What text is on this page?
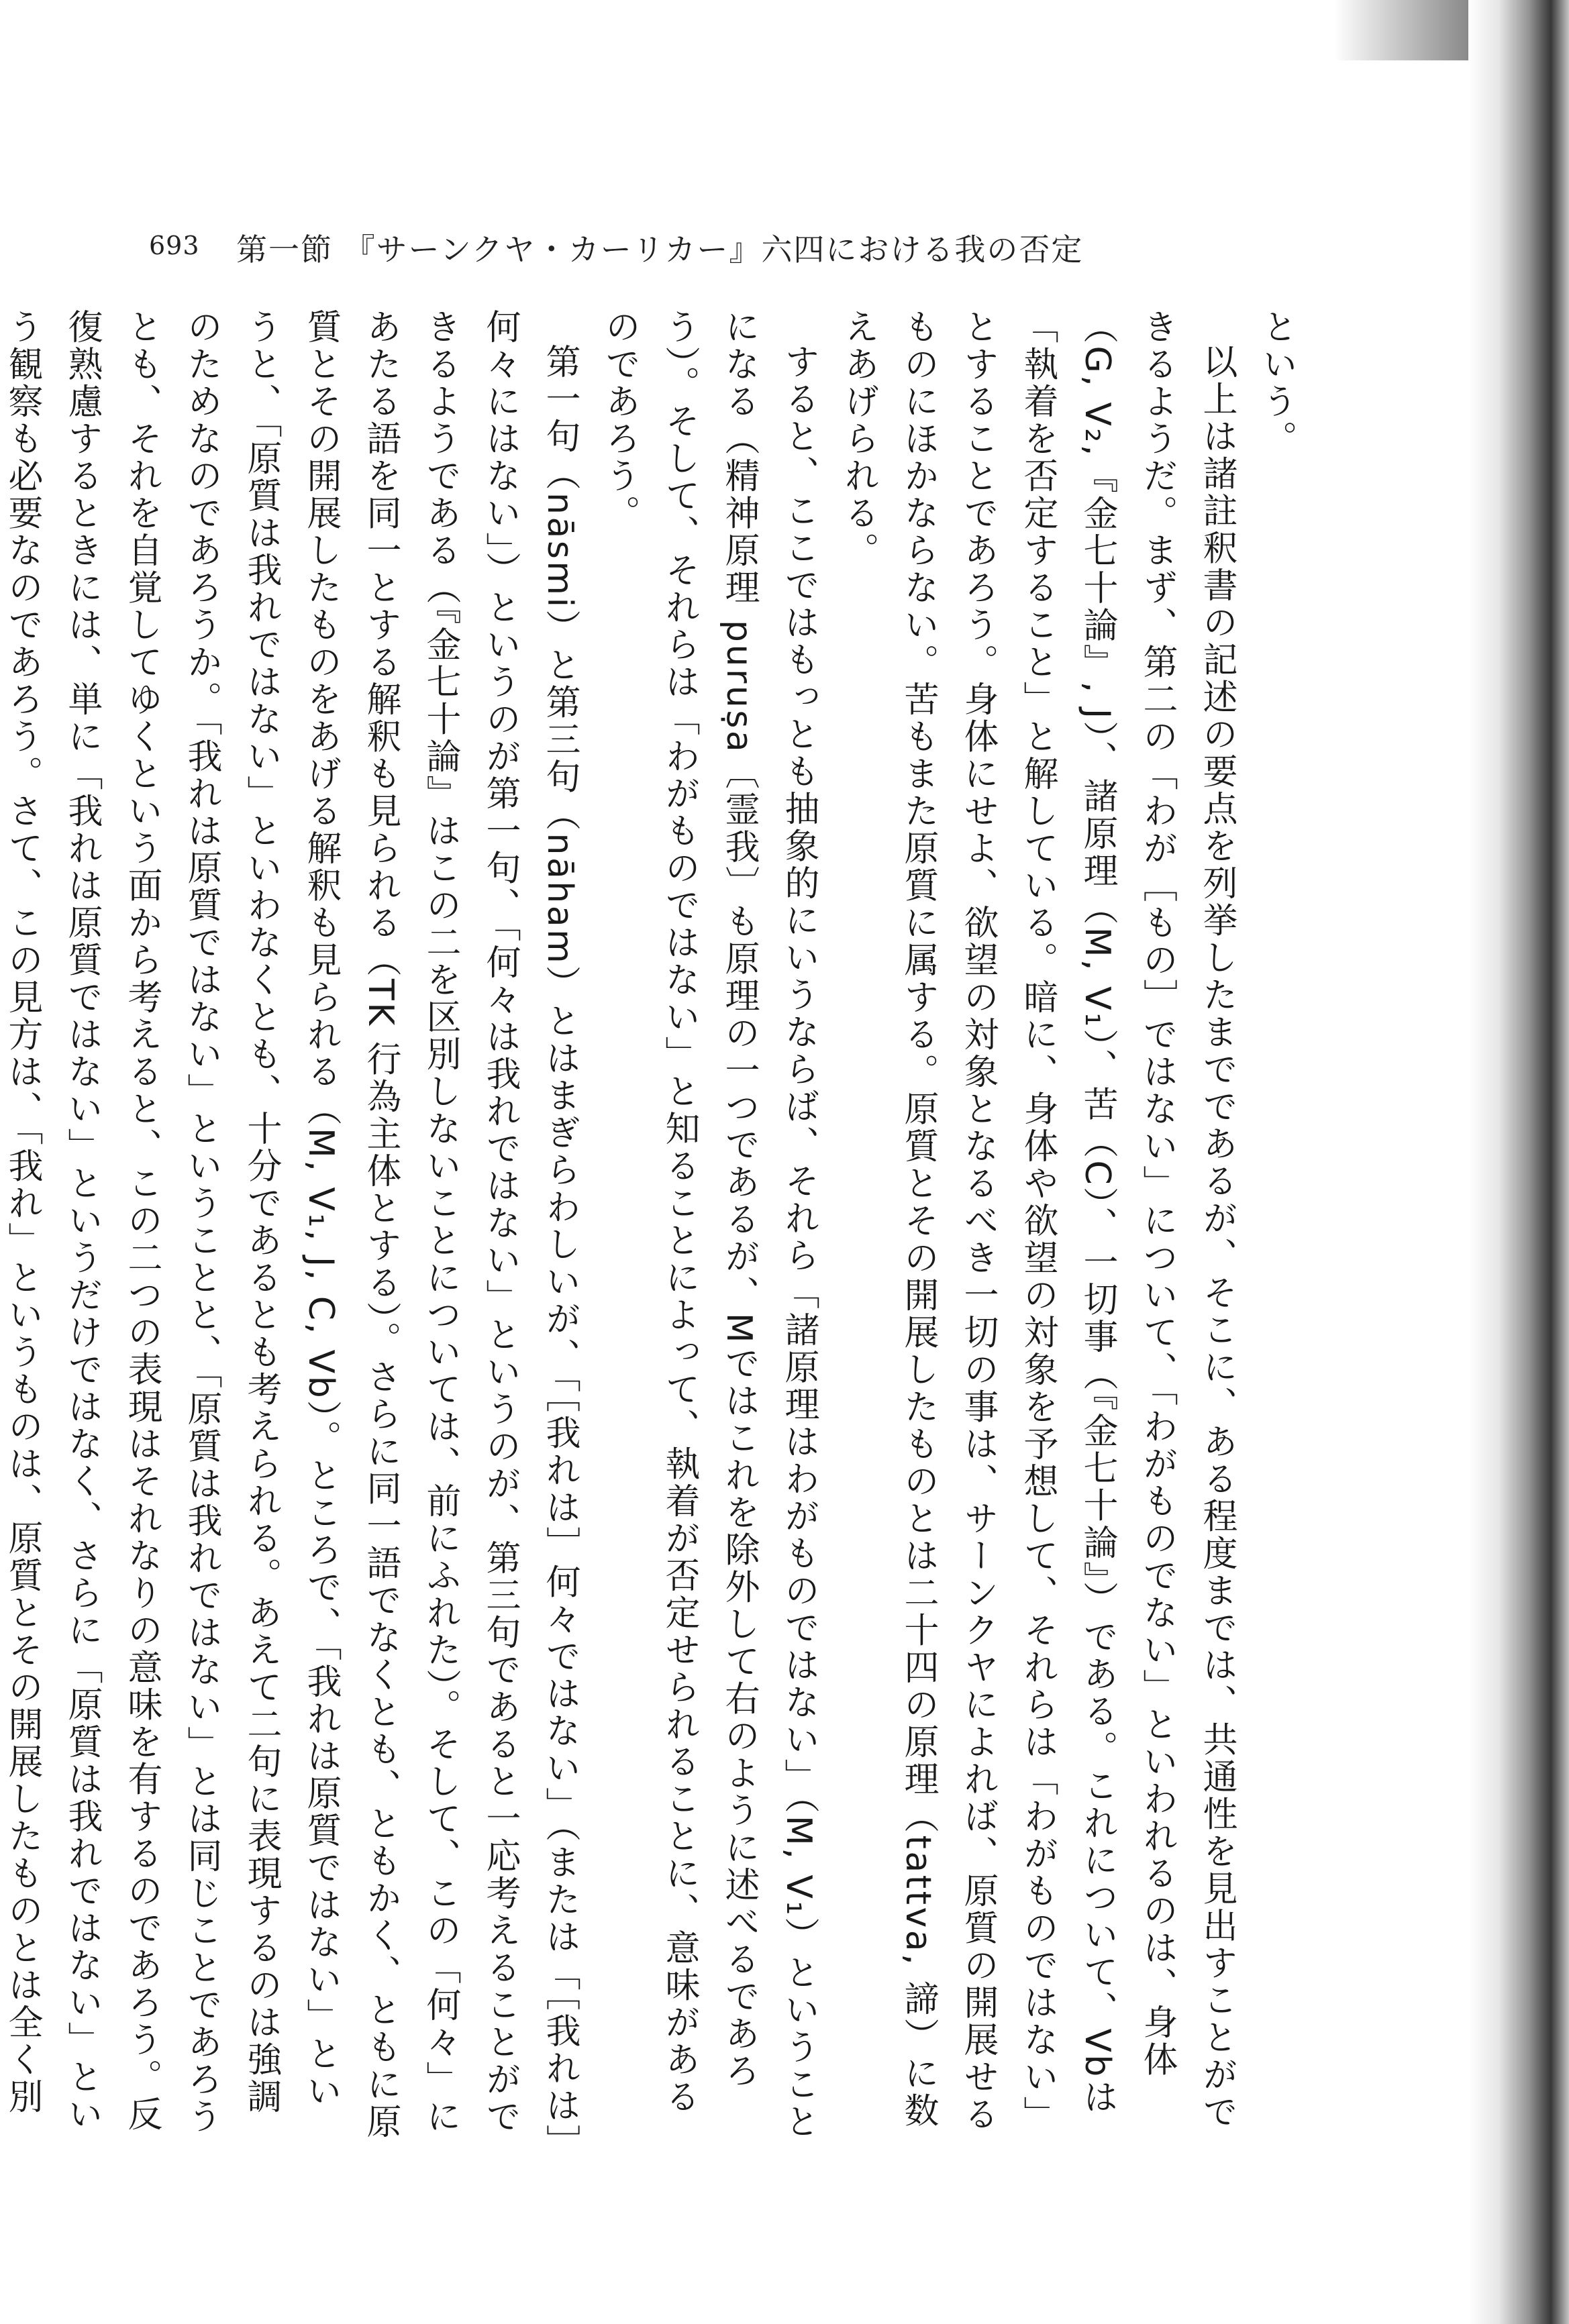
693 第一節 『サーンクヤ・カーリカー』六四における我の否定

という。

以上は諸註釈書の記述の要点を列挙したまでであるが、そこに、ある程度までは、共通性を見出すことができるようだ。まず、第二の「わが［もの］ではない」について、「わがものでない」といわれるのは、身体（G, V₂,『金七十論』, J）、諸原理（M, V₁）、苦（C）、一切事（『金七十論』）である。これについて、Vbは「執着を否定すること」と解している。暗に、身体や欲望の対象を予想して、それらは「わがものではない」とすることであろう。身体にせよ、欲望の対象となるべき一切の事は、サーンクヤによれば、原質の開展せるものにほかならない。苦もまた原質に属する。原質とその開展したものとは二十四の原理（tattva, 諦）に数えあげられる。

すると、ここではもっとも抽象的にいうならば、それら「諸原理はわがものではない」（M, V₁）ということになる（精神原理 puruṣa〔霊我〕も原理の一つであるが、Mではこれを除外して右のように述べるであろう）。そして、それらは「わがものではない」と知ることによって、執着が否定せられることに、意味があるのであろう。

第一句（nāsmi）と第三句（nāham）とはまぎらわしいが、「［我れは］何々ではない」（または「［我れは］何々にはない」）というのが第一句、「何々は我れではない」というのが、第三句であると一応考えることができるようである（『金七十論』はこの二を区別しないことについては、前にふれた）。そして、この「何々」にあたる語を同一とする解釈も見られる（TK 行為主体とする）。さらに同一語でなくとも、ともかく、ともに原質とその開展したものをあげる解釈も見られる（M, V₁, J, C, Vb）。ところで、「我れは原質ではない」というと、「原質は我れではない」といわなくとも、十分であるとも考えられる。あえて二句に表現するのは強調のためなのであろうか。「我れは原質ではない」ということと、「原質は我れではない」とは同じことであろうとも、それを自覚してゆくという面から考えると、この二つの表現はそれなりの意味を有するのであろう。反復熟慮するときには、単に「我れは原質ではない」というだけではなく、さらに「原質は我れではない」という観察も必要なのであろう。さて、この見方は、「我れ」というものは、原質とその開展したものとは全く別
